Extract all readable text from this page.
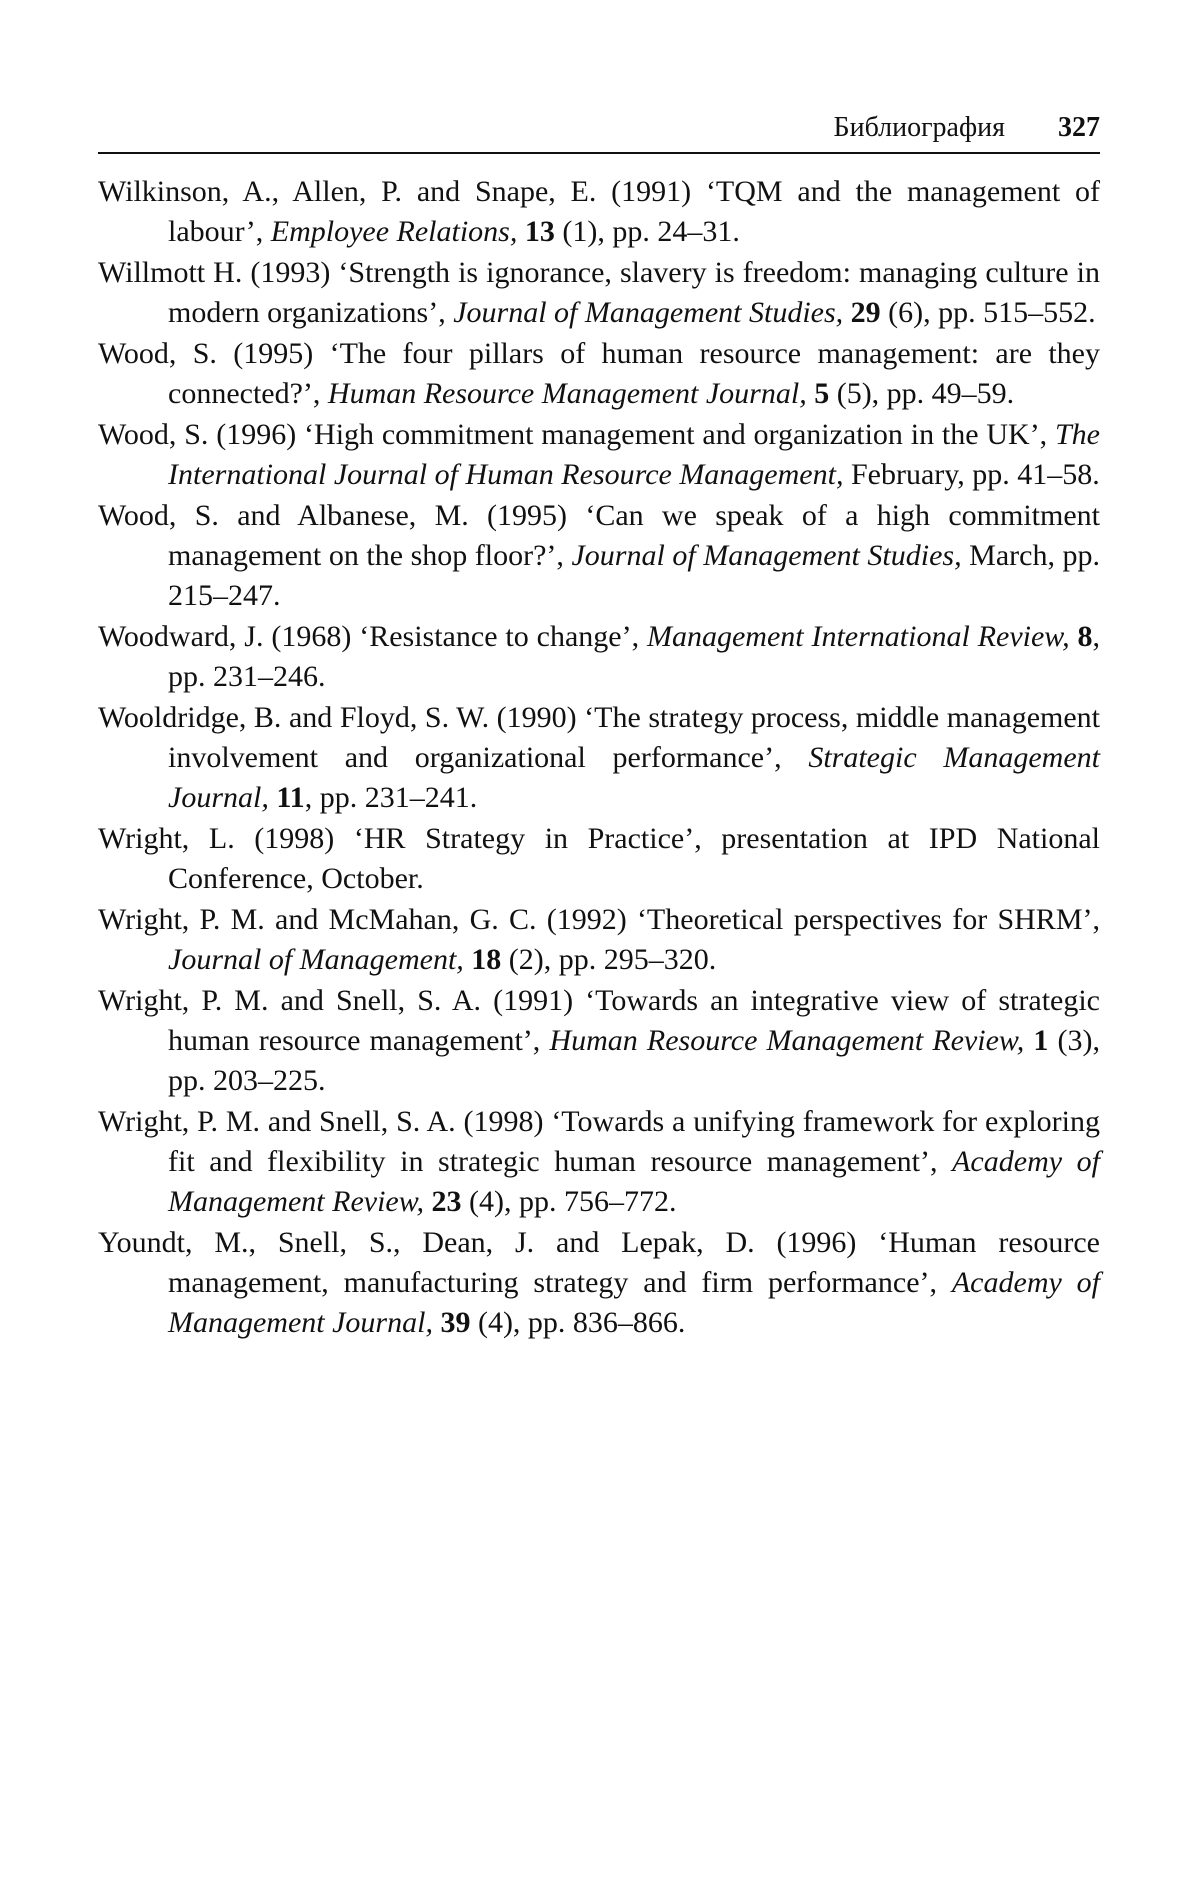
Библиография 327
Wilkinson, A., Allen, P. and Snape, E. (1991) ‘TQM and the management of labour’, Employee Relations, 13 (1), pp. 24–31.
Willmott H. (1993) ‘Strength is ignorance, slavery is freedom: managing culture in modern organizations’, Journal of Management Studies, 29 (6), pp. 515–552.
Wood, S. (1995) ‘The four pillars of human resource management: are they connected?’, Human Resource Management Journal, 5 (5), pp. 49–59.
Wood, S. (1996) ‘High commitment management and organization in the UK’, The International Journal of Human Resource Management, February, pp. 41–58.
Wood, S. and Albanese, M. (1995) ‘Can we speak of a high commitment management on the shop floor?’, Journal of Management Studies, March, pp. 215–247.
Woodward, J. (1968) ‘Resistance to change’, Management International Review, 8, pp. 231–246.
Wooldridge, B. and Floyd, S. W. (1990) ‘The strategy process, middle management involvement and organizational performance’, Strategic Management Journal, 11, pp. 231–241.
Wright, L. (1998) ‘HR Strategy in Practice’, presentation at IPD National Conference, October.
Wright, P. M. and McMahan, G. C. (1992) ‘Theoretical perspectives for SHRM’, Journal of Management, 18 (2), pp. 295–320.
Wright, P. M. and Snell, S. A. (1991) ‘Towards an integrative view of strategic human resource management’, Human Resource Management Review, 1 (3), pp. 203–225.
Wright, P. M. and Snell, S. A. (1998) ‘Towards a unifying framework for exploring fit and flexibility in strategic human resource management’, Academy of Management Review, 23 (4), pp. 756–772.
Youndt, M., Snell, S., Dean, J. and Lepak, D. (1996) ‘Human resource management, manufacturing strategy and firm performance’, Academy of Management Journal, 39 (4), pp. 836–866.
